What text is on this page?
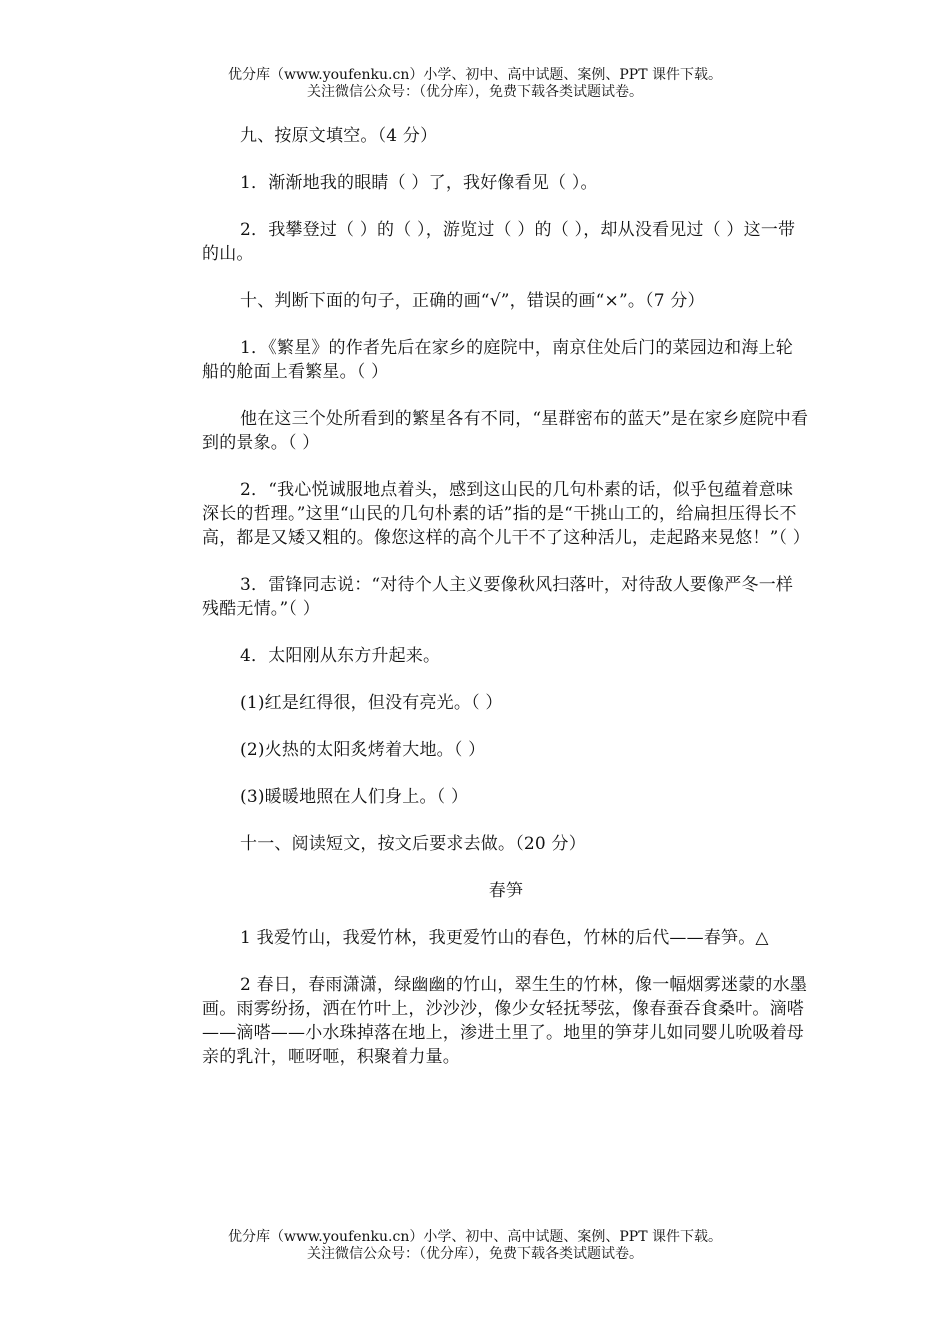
优分库（www.youfenku.cn）小学、初中、高中试题、案例、PPT 课件下载。
关注微信公众号：（优分库），免费下载各类试题试卷。

九、按原文填空。（4 分）

1．渐渐地我的眼睛（ ）了，我好像看见（ ）。

2．我攀登过（ ）的（ ），游览过（ ）的（ ），却从没看见过（ ）这一带的山。

十、判断下面的句子，正确的画“√”，错误的画“×”。（7 分）

1．《繁星》的作者先后在家乡的庭院中，南京住处后门的菜园边和海上轮船的舱面上看繁星。（ ）

他在这三个处所看到的繁星各有不同，“星群密布的蓝天”是在家乡庭院中看到的景象。（ ）

2．“我心悦诚服地点着头，感到这山民的几句朴素的话，似乎包蕴着意味深长的哲理。”这里“山民的几句朴素的话”指的是“干挑山工的，给扁担压得长不高，都是又矮又粗的。像您这样的高个儿干不了这种活儿，走起路来晃悠！”（ ）

3．雷锋同志说：“对待个人主义要像秋风扫落叶，对待敌人要像严冬一样残酷无情。”（ ）

4．太阳刚从东方升起来。

(1)红是红得很，但没有亮光。（ ）

(2)火热的太阳炙烤着大地。（ ）

(3)暖暖地照在人们身上。（ ）

十一、阅读短文，按文后要求去做。（20 分）

春笋

1 我爱竹山，我爱竹林，我更爱竹山的春色，竹林的后代——春笋。△

2 春日，春雨潇潇，绿幽幽的竹山，翠生生的竹林，像一幅烟雾迷蒙的水墨画。雨雾纷扬，洒在竹叶上，沙沙沙，像少女轻抚琴弦，像春蚕吞食桑叶。滴嗒——滴嗒——小水珠掉落在地上，渗进土里了。地里的笋芽儿如同婴儿吮吸着母亲的乳汁，咂呀咂，积聚着力量。

优分库（www.youfenku.cn）小学、初中、高中试题、案例、PPT 课件下载。
关注微信公众号：（优分库），免费下载各类试题试卷。
